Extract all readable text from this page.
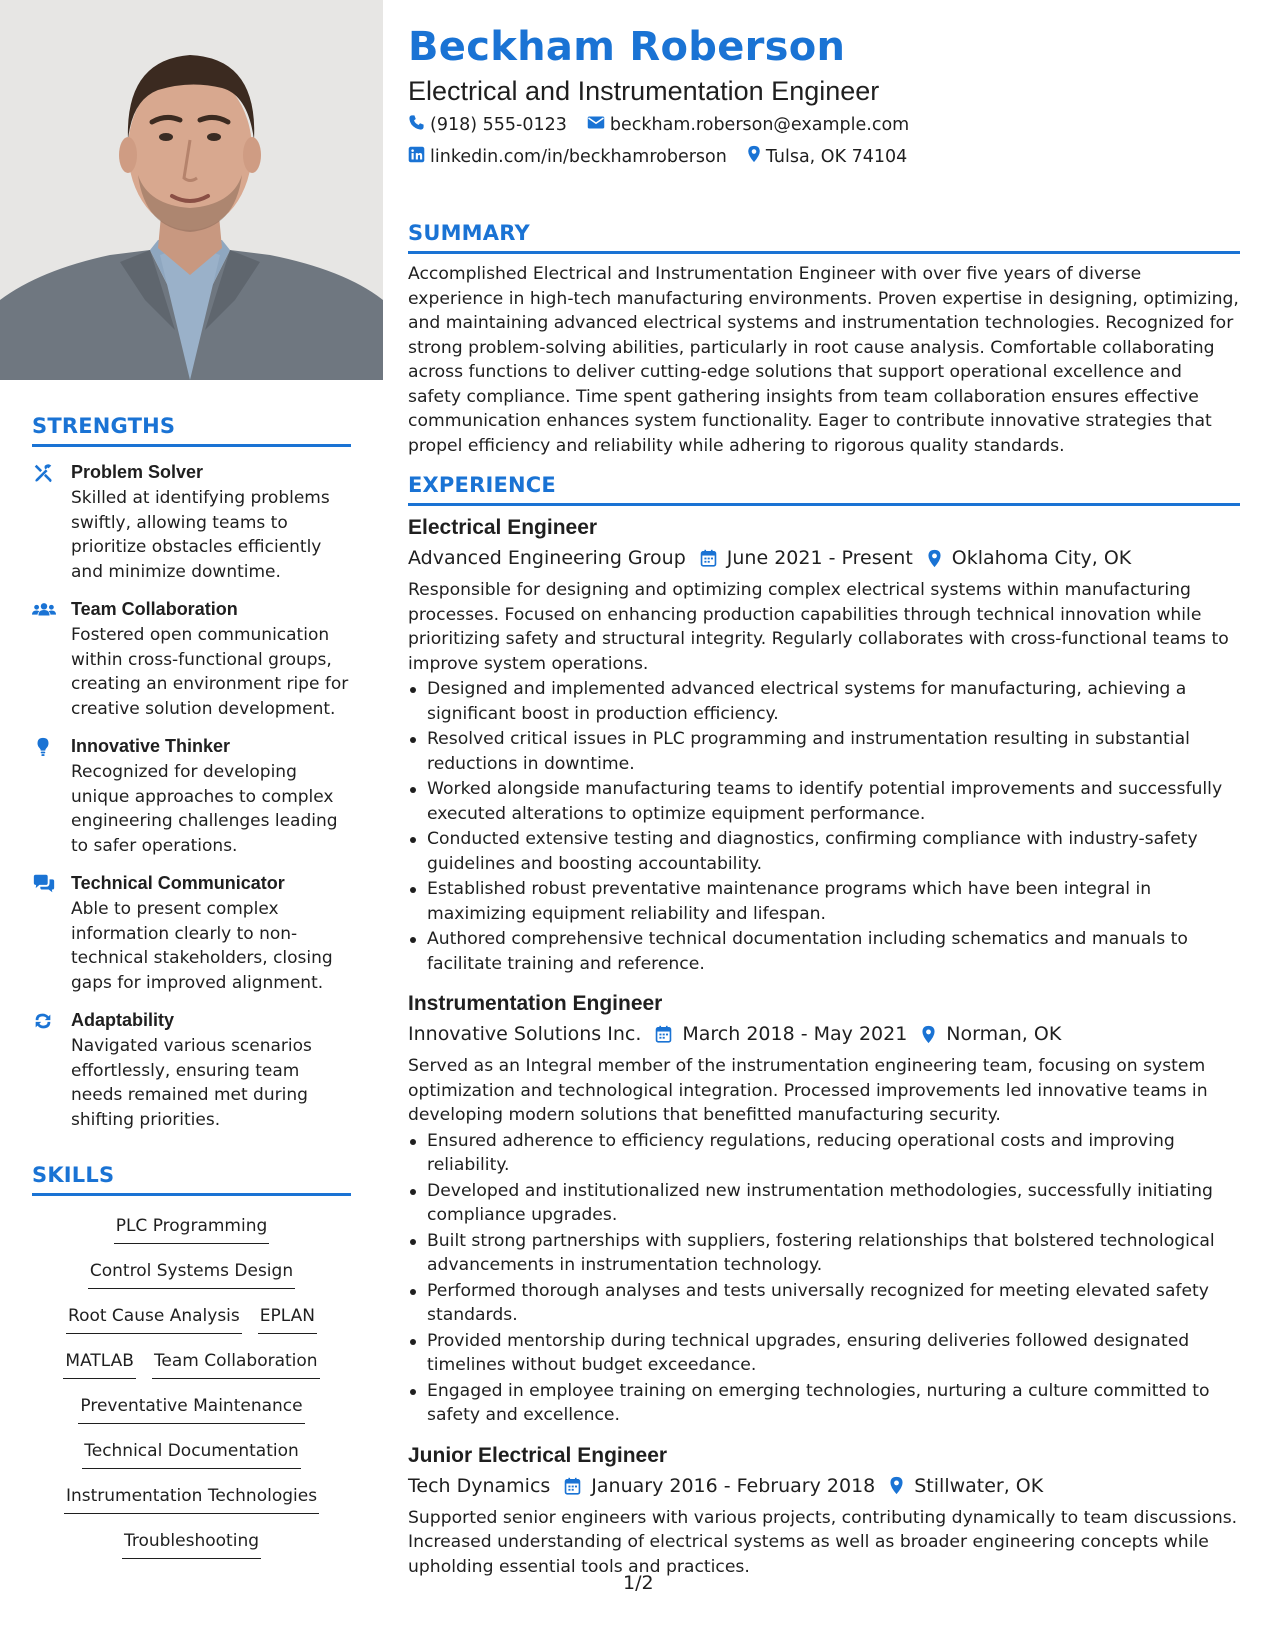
STRENGTHS
Problem Solver

Skilled at identifying problems swiftly, allowing teams to prioritize obstacles efficiently and minimize downtime.

Team Collaboration

Fostered open communication within cross-functional groups, creating an environment ripe for creative solution development.

Innovative Thinker

Recognized for developing unique approaches to complex engineering challenges leading to safer operations.

Technical Communicator

Able to present complex information clearly to non-technical stakeholders, closing gaps for improved alignment.

Adaptability

Navigated various scenarios effortlessly, ensuring team needs remained met during shifting priorities.

SKILLS
PLC Programming
Control Systems Design
Root Cause Analysis EPLAN
MATLAB Team Collaboration
Preventative Maintenance
Technical Documentation
Instrumentation Technologies
Troubleshooting
Beckham Roberson
Electrical and Instrumentation Engineer
(918) 555-0123 beckham.roberson@example.com
linkedin.com/in/beckhamroberson Tulsa, OK 74104
SUMMARY

Accomplished Electrical and Instrumentation Engineer with over five years of diverse experience in high-tech manufacturing environments. Proven expertise in designing, optimizing, and maintaining advanced electrical systems and instrumentation technologies. Recognized for strong problem-solving abilities, particularly in root cause analysis. Comfortable collaborating across functions to deliver cutting-edge solutions that support operational excellence and safety compliance. Time spent gathering insights from team collaboration ensures effective communication enhances system functionality. Eager to contribute innovative strategies that propel efficiency and reliability while adhering to rigorous quality standards.

EXPERIENCE
Electrical Engineer
Advanced Engineering Group June 2021 - Present Oklahoma City, OK

Responsible for designing and optimizing complex electrical systems within manufacturing processes. Focused on enhancing production capabilities through technical innovation while prioritizing safety and structural integrity. Regularly collaborates with cross-functional teams to improve system operations.

Designed and implemented advanced electrical systems for manufacturing, achieving a significant boost in production efficiency.
Resolved critical issues in PLC programming and instrumentation resulting in substantial reductions in downtime.
Worked alongside manufacturing teams to identify potential improvements and successfully executed alterations to optimize equipment performance.
Conducted extensive testing and diagnostics, confirming compliance with industry-safety guidelines and boosting accountability.
Established robust preventative maintenance programs which have been integral in maximizing equipment reliability and lifespan.
Authored comprehensive technical documentation including schematics and manuals to facilitate training and reference.
Instrumentation Engineer
Innovative Solutions Inc. March 2018 - May 2021 Norman, OK

Served as an Integral member of the instrumentation engineering team, focusing on system optimization and technological integration. Processed improvements led innovative teams in developing modern solutions that benefitted manufacturing security.

Ensured adherence to efficiency regulations, reducing operational costs and improving reliability.
Developed and institutionalized new instrumentation methodologies, successfully initiating compliance upgrades.
Built strong partnerships with suppliers, fostering relationships that bolstered technological advancements in instrumentation technology.
Performed thorough analyses and tests universally recognized for meeting elevated safety standards.
Provided mentorship during technical upgrades, ensuring deliveries followed designated timelines without budget exceedance.
Engaged in employee training on emerging technologies, nurturing a culture committed to safety and excellence.
Junior Electrical Engineer
Tech Dynamics January 2016 - February 2018 Stillwater, OK

Supported senior engineers with various projects, contributing dynamically to team discussions. Increased understanding of electrical systems as well as broader engineering concepts while upholding essential tools and practices.

1/2
